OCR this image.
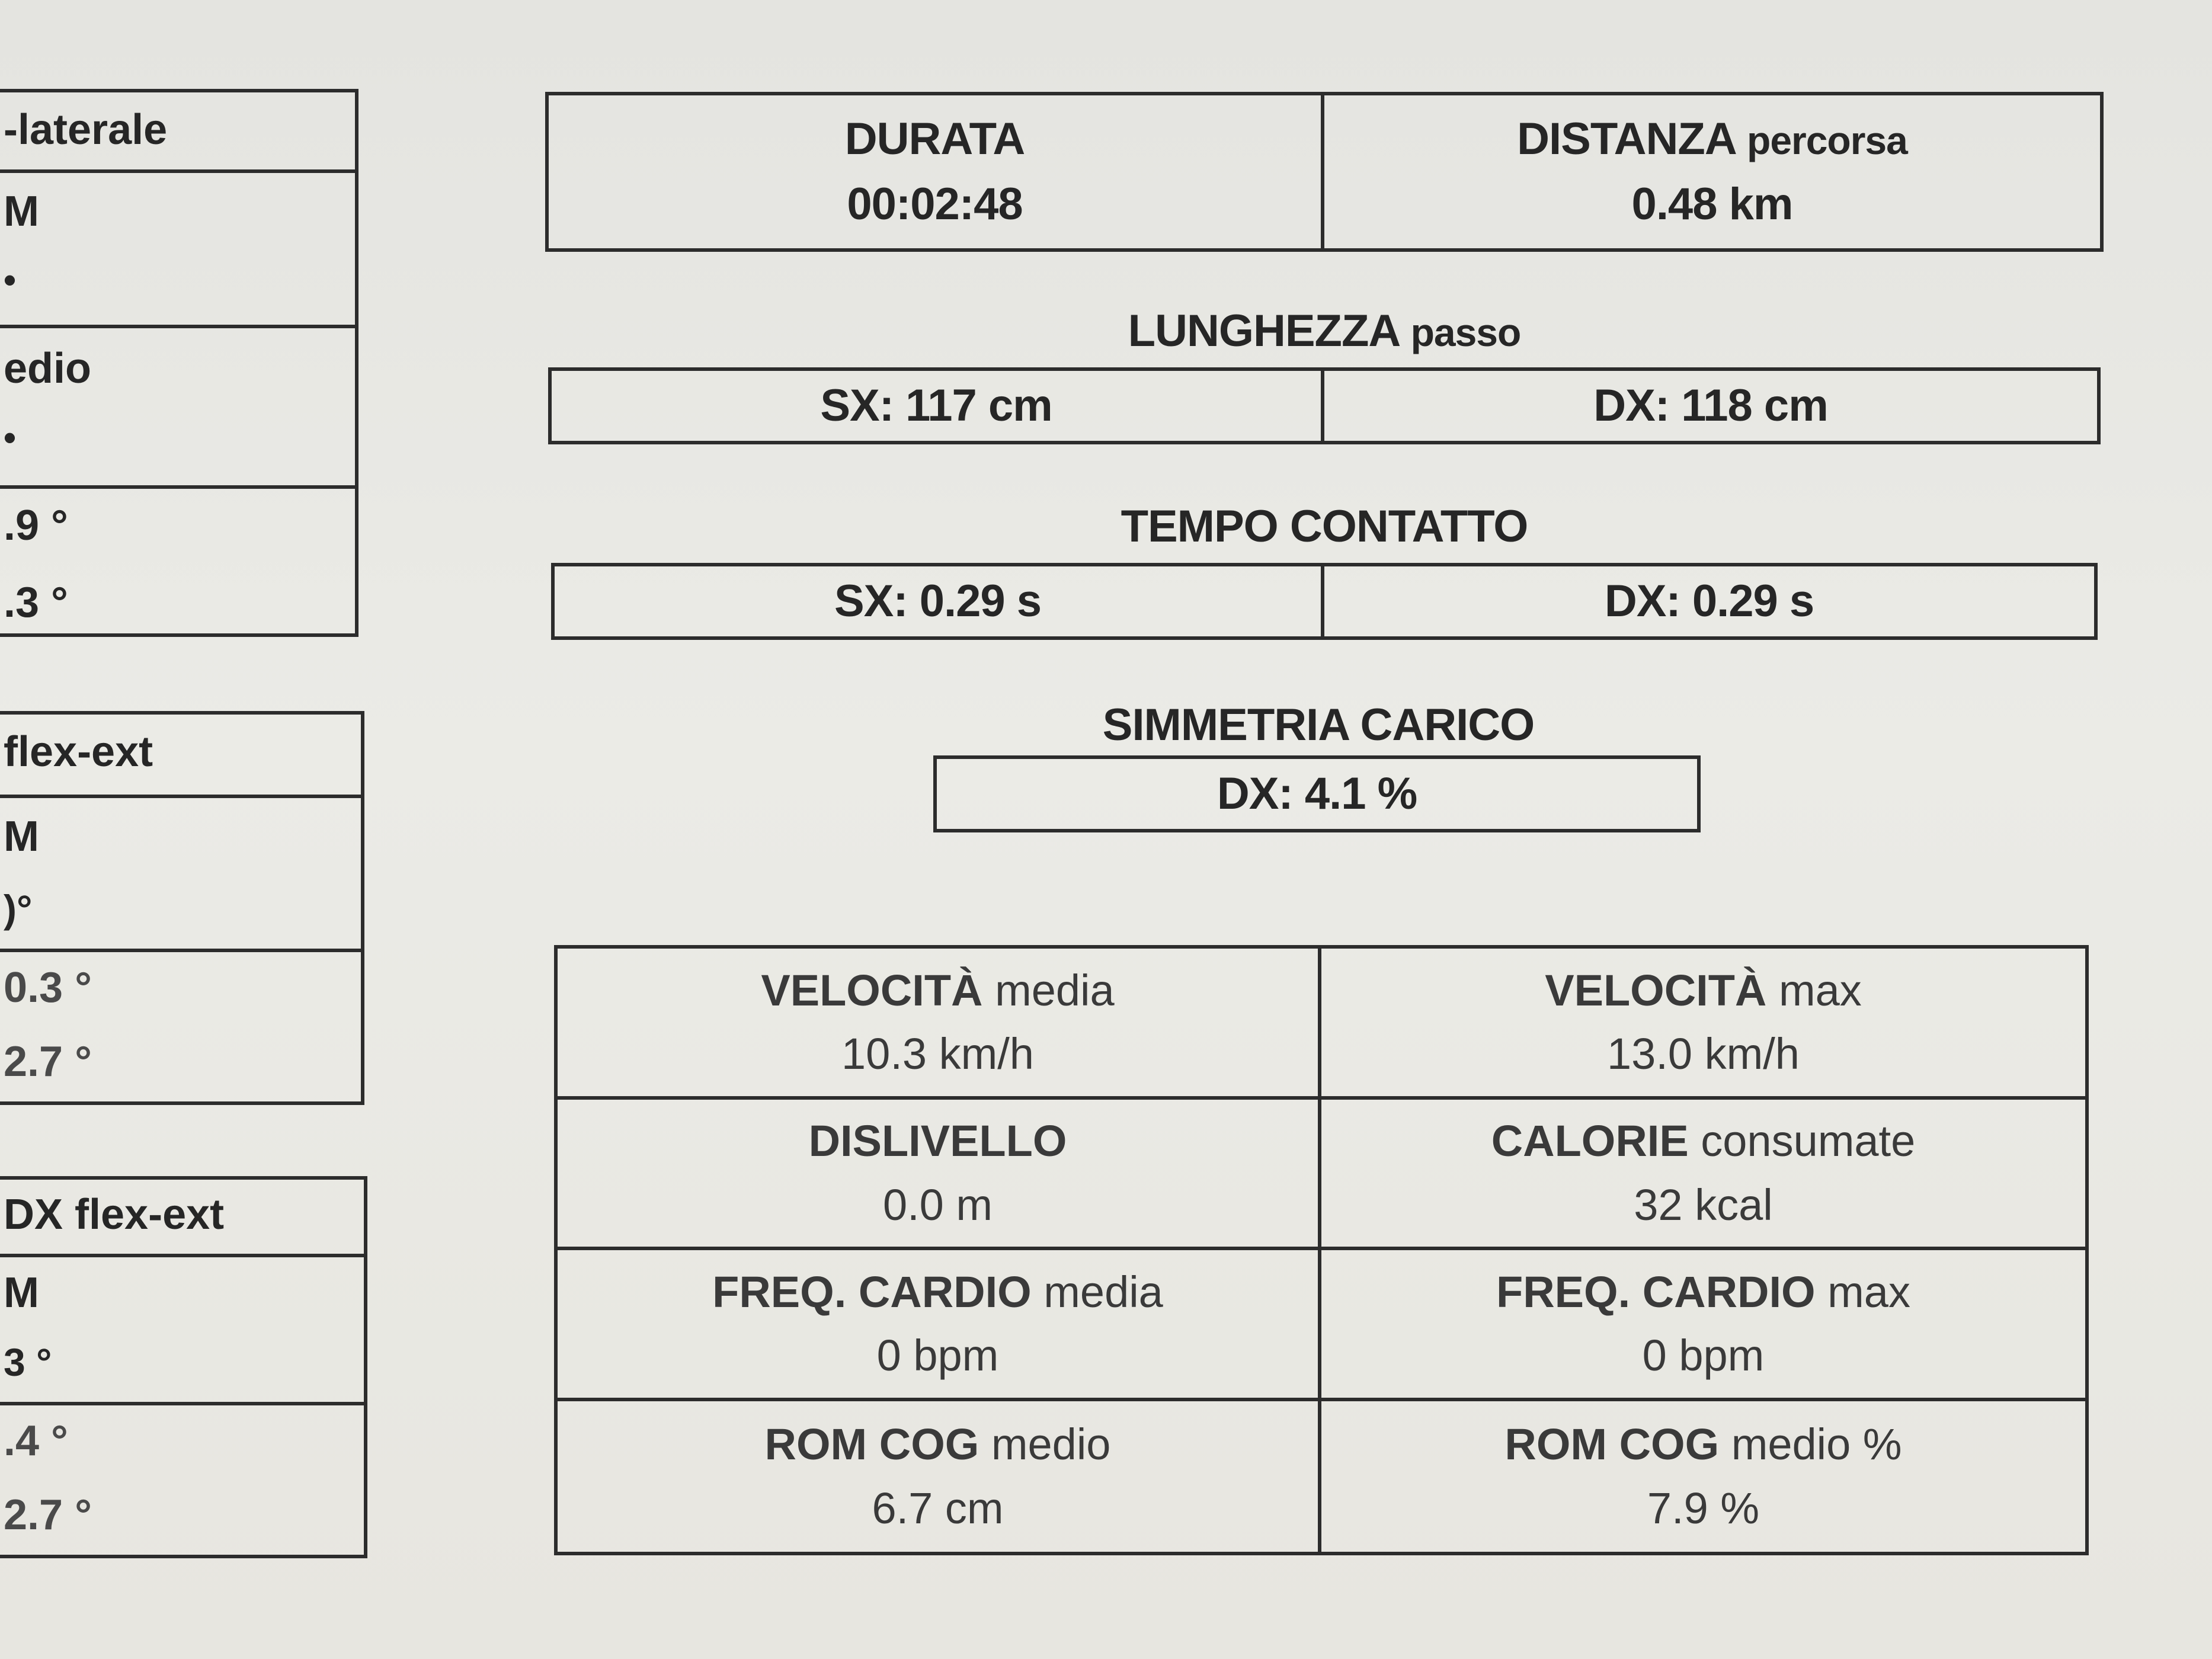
-laterale
M
•
edio
•
.9 °
.3 °
flex-ext
M
)°
0.3 °
2.7 °
DX flex-ext
M
3 °
.4 °
2.7 °
DURATA
00:02:48
DISTANZA percorsa
0.48 km
LUNGHEZZA passo
SX: 117 cm	DX: 118 cm
TEMPO CONTATTO
SX: 0.29 s	DX: 0.29 s
SIMMETRIA CARICO
DX: 4.1 %
VELOCITÀ media
10.3 km/h
VELOCITÀ max
13.0 km/h
DISLIVELLO
0.0 m
CALORIE consumate
32 kcal
FREQ. CARDIO media
0 bpm
FREQ. CARDIO max
0 bpm
ROM COG medio
6.7 cm
ROM COG medio %
7.9 %
